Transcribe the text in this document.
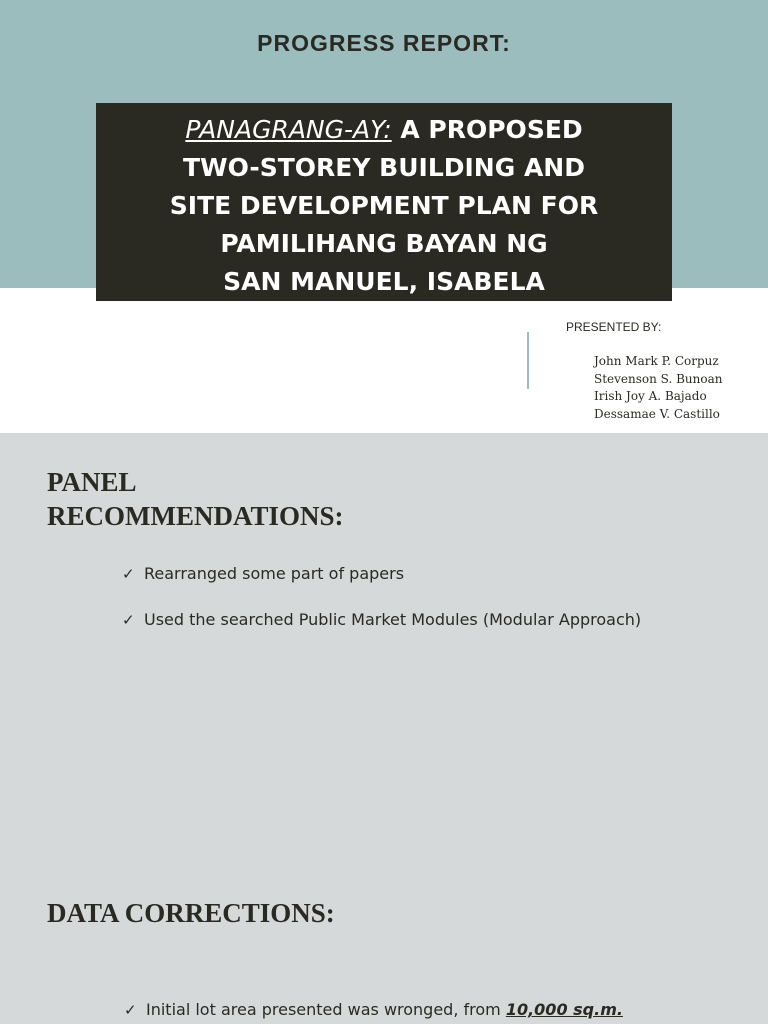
PROGRESS REPORT:
PANAGRANG-AY: A PROPOSED
TWO-STOREY BUILDING AND
SITE DEVELOPMENT PLAN FOR
PAMILIHANG BAYAN NG
SAN MANUEL, ISABELA
PRESENTED BY:
John Mark P. Corpuz
Stevenson S. Bunoan
Irish Joy A. Bajado
Dessamae V. Castillo
PANEL
RECOMMENDATIONS:
✓ Rearranged some part of papers
✓ Used the searched Public Market Modules (Modular Approach)
DATA CORRECTIONS:
✓ Initial lot area presented was wronged, from 10,000 sq.m.
